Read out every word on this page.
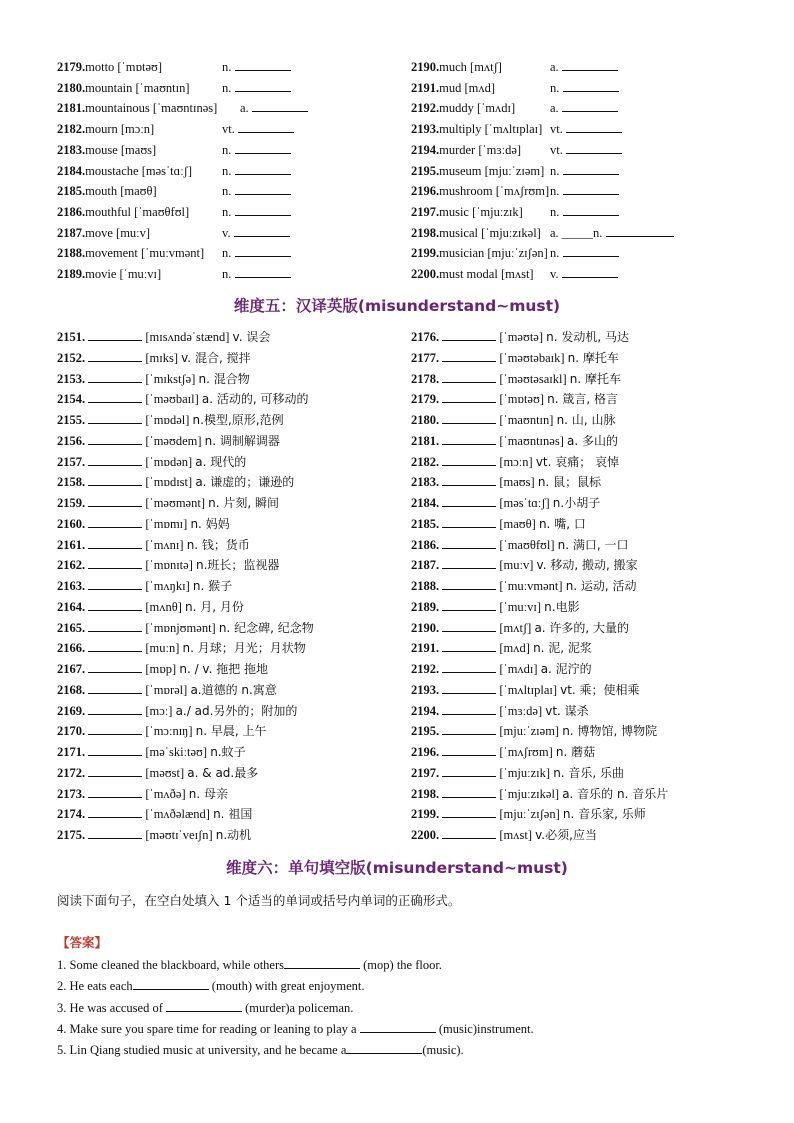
2179.motto [ˈmɒtəʊ]	n.
2180.mountain [ˈmaʊntɪn]	n.
2181.mountainous [ˈmaʊntɪnəs] a.
2182.mourn [mɔːn]	vt.
2183.mouse [maʊs]	n.
2184.moustache [məsˈtɑːʃ] n.
2185.mouth [maʊθ]	n.
2186.mouthful [ˈmaʊθfʊl]	n.
2187.move [muːv]	v.
2188.movement [ˈmuːvmənt] n.
2189.movie [ˈmuːvɪ]	n.
2190.much [mʌtʃ]	a.
2191.mud [mʌd]	n.
2192.muddy [ˈmʌdɪ]	a.
2193.multiply [ˈmʌltɪplaɪ] vt.
2194.murder [ˈmɜːdə] vt.
2195.museum [mjuːˈzɪəm] n.
2196.mushroom [ˈmʌʃrʊm] n.
2197.music [ˈmjuːzɪk] n.
2198.musical [ˈmjuːzɪkəl] a. _____n.
2199.musician [mjuːˈzɪʃən] n.
2200.must modal [mʌst] v.
维度五：汉译英版(misunderstand~must)
2151.	[mɪsʌndəˈstænd] v. 误会
2152.	[mɪks] v. 混合, 搅拌
2153.	[ˈmɪkstʃə] n. 混合物
2154.	[ˈməʊbaɪl] a. 活动的, 可移动的
2155.	[ˈmɒdəl] n.模型,原形,范例
2156.	[ˈməʊdem] n. 调制解调器
2157.	[ˈmɒdən] a. 现代的
2158.	[ˈmɒdɪst] a. 谦虚的；谦逊的
2159.	[ˈməʊmənt] n. 片刻, 瞬间
2160.	[ˈmɒmɪ] n. 妈妈
2161.	[ˈmʌnɪ] n. 钱；货币
2162.	[ˈmɒnɪtə] n.班长；监视器
2163.	[ˈmʌŋkɪ] n. 猴子
2164.	[mʌnθ] n. 月, 月份
2165.	[ˈmɒnjʊmənt] n. 纪念碑, 纪念物
2166.	[muːn] n. 月球；月光；月状物
2167.	[mɒp] n. / v. 拖把 拖地
2168.	[ˈmɒrəl] a.道德的 n.寓意
2169.	[mɔː] a./ ad.另外的；附加的
2170.	[ˈmɔːnɪŋ] n. 早晨, 上午
2171.	[məˈskiːtəʊ] n.蚊子
2172.	[məʊst] a. & ad.最多
2173.	[ˈmʌðə] n. 母亲
2174.	[ˈmʌðəlænd] n. 祖国
2175.	[məʊtɪˈveɪʃn] n.动机
2176.	[ˈməʊtə] n. 发动机, 马达
2177.	[ˈməʊtəbaɪk] n. 摩托车
2178.	[ˈməʊtəsaɪkl] n. 摩托车
2179.	[ˈmɒtəʊ] n. 箴言, 格言
2180.	[ˈmaʊntɪn] n. 山, 山脉
2181.	[ˈmaʊntɪnəs] a. 多山的
2182.	[mɔːn] vt. 哀痛； 哀悼
2183.	[maʊs] n. 鼠；鼠标
2184.	[məsˈtɑːʃ] n.小胡子
2185.	[maʊθ] n. 嘴, 口
2186.	[ˈmaʊθfʊl] n. 满口, 一口
2187.	[muːv] v. 移动, 搬动, 搬家
2188.	[ˈmuːvmənt] n. 运动, 活动
2189.	[ˈmuːvɪ] n.电影
2190.	[mʌtʃ] a. 许多的, 大量的
2191.	[mʌd] n. 泥, 泥浆
2192.	[ˈmʌdɪ] a. 泥泞的
2193.	[ˈmʌltɪplaɪ] vt. 乘；使相乘
2194.	[ˈmɜːdə] vt. 谋杀
2195.	[mjuːˈzɪəm] n. 博物馆, 博物院
2196.	[ˈmʌʃrʊm] n. 蘑菇
2197.	[ˈmjuːzɪk] n. 音乐, 乐曲
2198.	[ˈmjuːzɪkəl] a. 音乐的 n. 音乐片
2199.	[mjuːˈzɪʃən] n. 音乐家, 乐师
2200.	[mʌst] v.必须,应当
维度六：单句填空版(misunderstand~must)
阅读下面句子，在空白处填入 1 个适当的单词或括号内单词的正确形式。
【答案】
1. Some cleaned the blackboard, while others	(mop) the floor.
2. He eats each	(mouth) with great enjoyment.
3. He was accused of	(murder)a policeman.
4. Make sure you spare time for reading or leaning to play a	(music)instrument.
5. Lin Qiang studied music at university, and he became a	(music).
